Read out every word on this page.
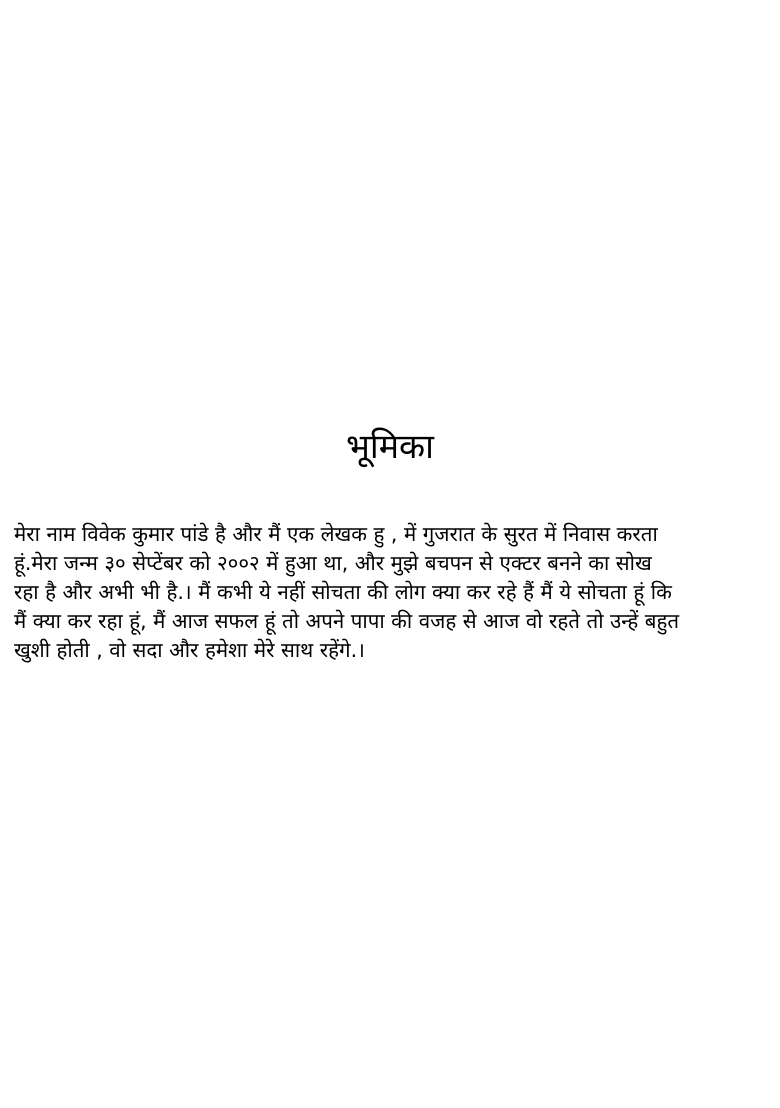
भूमिका

मेरा नाम विवेक कुमार पांडे है और मैं एक लेखक हु , में गुजरात के सुरत में निवास करता
हूं.मेरा जन्म ३० सेप्टेंबर को २००२ में हुआ था, और मुझे बचपन से एक्टर बनने का सोख
रहा है और अभी भी है.। मैं कभी ये नहीं सोचता की लोग क्या कर रहे हैं मैं ये सोचता हूं कि
मैं क्या कर रहा हूं, मैं आज सफल हूं तो अपने पापा की वजह से आज वो रहते तो उन्हें बहुत
खुशी होती , वो सदा और हमेशा मेरे साथ रहेंगे.।
